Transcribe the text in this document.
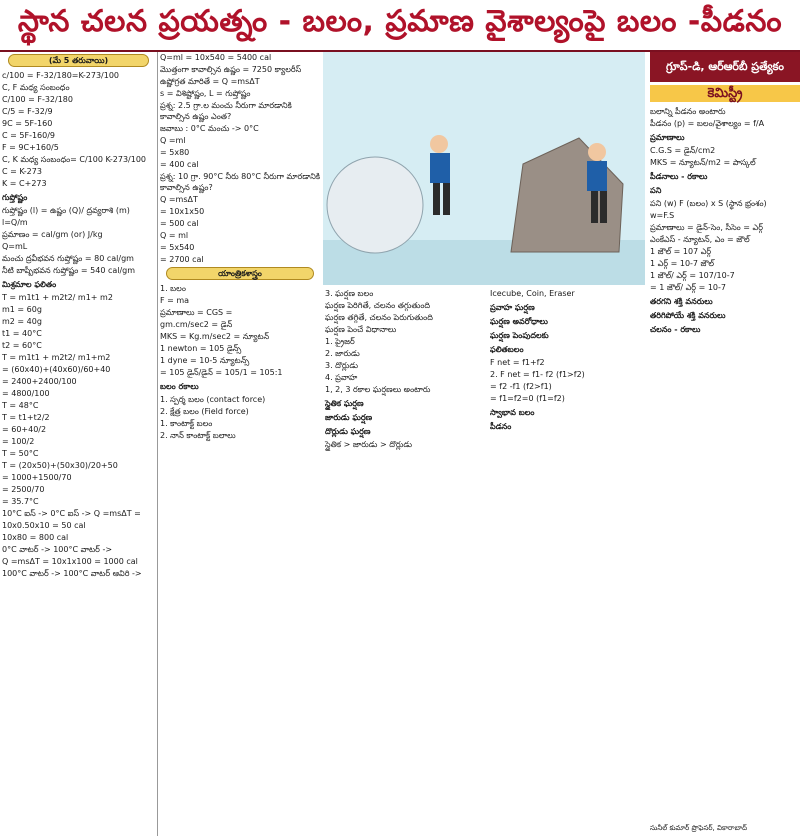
స్థాన చలన ప్రయత్నం - బలం, ప్రమాణ వైశాల్యంపై బలం -పీడనం
(మే 5 తరువాయి)

c/100 = F-32/180=K-273/100

C, F మధ్య సంబంధం

C/100 = F-32/180

C/5 = F-32/9

9C = 5F-160

C = 5F-160/9

F = 9C+160/5

C, K మధ్య సంబంధం= C/100 K-273/100

C = K-273

K = C+273

గుప్తోష్ణం

గుప్తోష్ణం (l) = ఉష్ణం (Q)/ ద్రవ్యరాశి (m)

l=Q/m

ప్రమాణం = cal/gm (or) J/kg

Q=mL

మంచు ద్రవీభవన గుప్తోష్ణం = 80 cal/gm

నీటి బాష్పీభవన గుప్తోష్ణం = 540 cal/gm

మిశ్రమాల ఫలితం

T = m1t1 + m2t2/ m1+ m2

m1 = 60g

m2 = 40g

t1 = 40°C

t2 = 60°C

T = m1t1 + m2t2/ m1+m2

= (60x40)+(40x60)/60+40

= 2400+2400/100

= 4800/100

T = 48°C

T = t1+t2/2

= 60+40/2

= 100/2

T = 50°C

T = (20x50)+(50x30)/20+50

= 1000+1500/70

= 2500/70

= 35.7°C

10°C ఐస్ -> 0°C ఐస్ -> Q =msΔT =

10x0.50x10 = 50 cal

10x80 = 800 cal

0°C వాటర్ -> 100°C వాటర్ ->

Q =msΔT = 10x1x100 = 1000 cal

100°C వాటర్ -> 100°C వాటర్ ఆవిరి ->

Q=ml = 10x540 = 5400 cal

మొత్తంగా కావాల్సిన ఉష్ణం = 7250 క్యాలరీస్

ఉష్ణోగ్రత మారితే = Q =msΔT

s = విశిష్టోష్ణం, L = గుప్తోష్ణం

ప్రశ్న: 2.5 గ్రా.ల మంచు నీరుగా మారడానికి కావాల్సిన ఉష్ణం ఎంత?

జవాబు : 0°C మంచు -> 0°C

Q =ml

= 5x80

= 400 cal

ప్రశ్న: 10 గ్రా. 90°C నీరు 80°C నీరుగా మారడానికి కావాల్సిన ఉష్ణం?

Q =msΔT

= 10x1x50

= 500 cal

Q = ml

= 5x540

= 2700 cal

యాంత్రికశాస్త్రం

1. బలం

F = ma

ప్రమాణాలు = CGS =

gm.cm/sec2 = డైన్

MKS = Kg.m/sec2 = న్యూటన్

1 newton = 105 డైన్స్

1 dyne = 10-5 న్యూటన్స్

= 105 డైన్/డైన్ = 105/1 = 105:1

బలం రకాలు

1. స్పర్శ బలం (contact force)

2. క్షేత్ర బలం (Field force)

1. కాంటాక్ట్ బలం

2. నాన్ కాంటాక్ట్ బలాలు

3. ఘర్షణ బలం

ఘర్షణ పెరిగితే, చలనం తగ్గుతుంది

ఘర్షణ తగ్గితే, చలనం పెరుగుతుంది

ఘర్షణ పెంచే విధానాలు

1. ప్రైజర్

2. జారుడు

3. దొర్లుడు

4. ప్రవాహ

1, 2, 3 రకాల ఘర్షణలు అంటారు

స్థైతిక ఘర్షణ
జారుడు ఘర్షణ
దొర్లుడు ఘర్షణ

స్థైతిక > జారుడు > దొర్లుడు

Icecube, Coin, Eraser

ప్రవాహ ఘర్షణ
ఘర్షణ అవరోధాలు
ఘర్షణ పెంపుదలకు
ఫలితబలం

F net = f1+f2

2. F net = f1- f2 (f1>f2)

= f2 -f1 (f2>f1)

= f1=f2=0 (f1=f2)

స్వాభావ బలం
పీడనం
గ్రూప్-డి, ఆర్ఆర్‌బీ ప్రత్యేకం
కెమిస్ట్రీ

బలాన్ని పీడనం అంటారు

పీడనం (p) = బలం/వైశాల్యం = f/A

ప్రమాణాలు

C.G.S = డైన్/cm2

MKS = న్యూటన్/m2 = పాస్కల్

పీడనాలు - రకాలు
పని

పని (w) F (బలం) x S (స్థాన భ్రంశం)

w=F.S

ప్రమాణాలు = డైన్-సెం, సీసెం = ఎర్గ్

ఎంకేఎస్ - న్యూటన్, ఎం = జౌల్

1 జౌల్ = 107 ఎర్గ్

1 ఎర్గ్ = 10-7 జౌల్

1 జౌల్/ ఎర్గ్ = 107/10-7

= 1 జౌల్/ ఎర్గ్ = 10-7

తరగని శక్తి వనరులు
తరిగిపోయే శక్తి వనరులు
చలనం - రకాలు
సునీల్ కుమార్ ప్రొఫెసర్, వికారాబాద్
